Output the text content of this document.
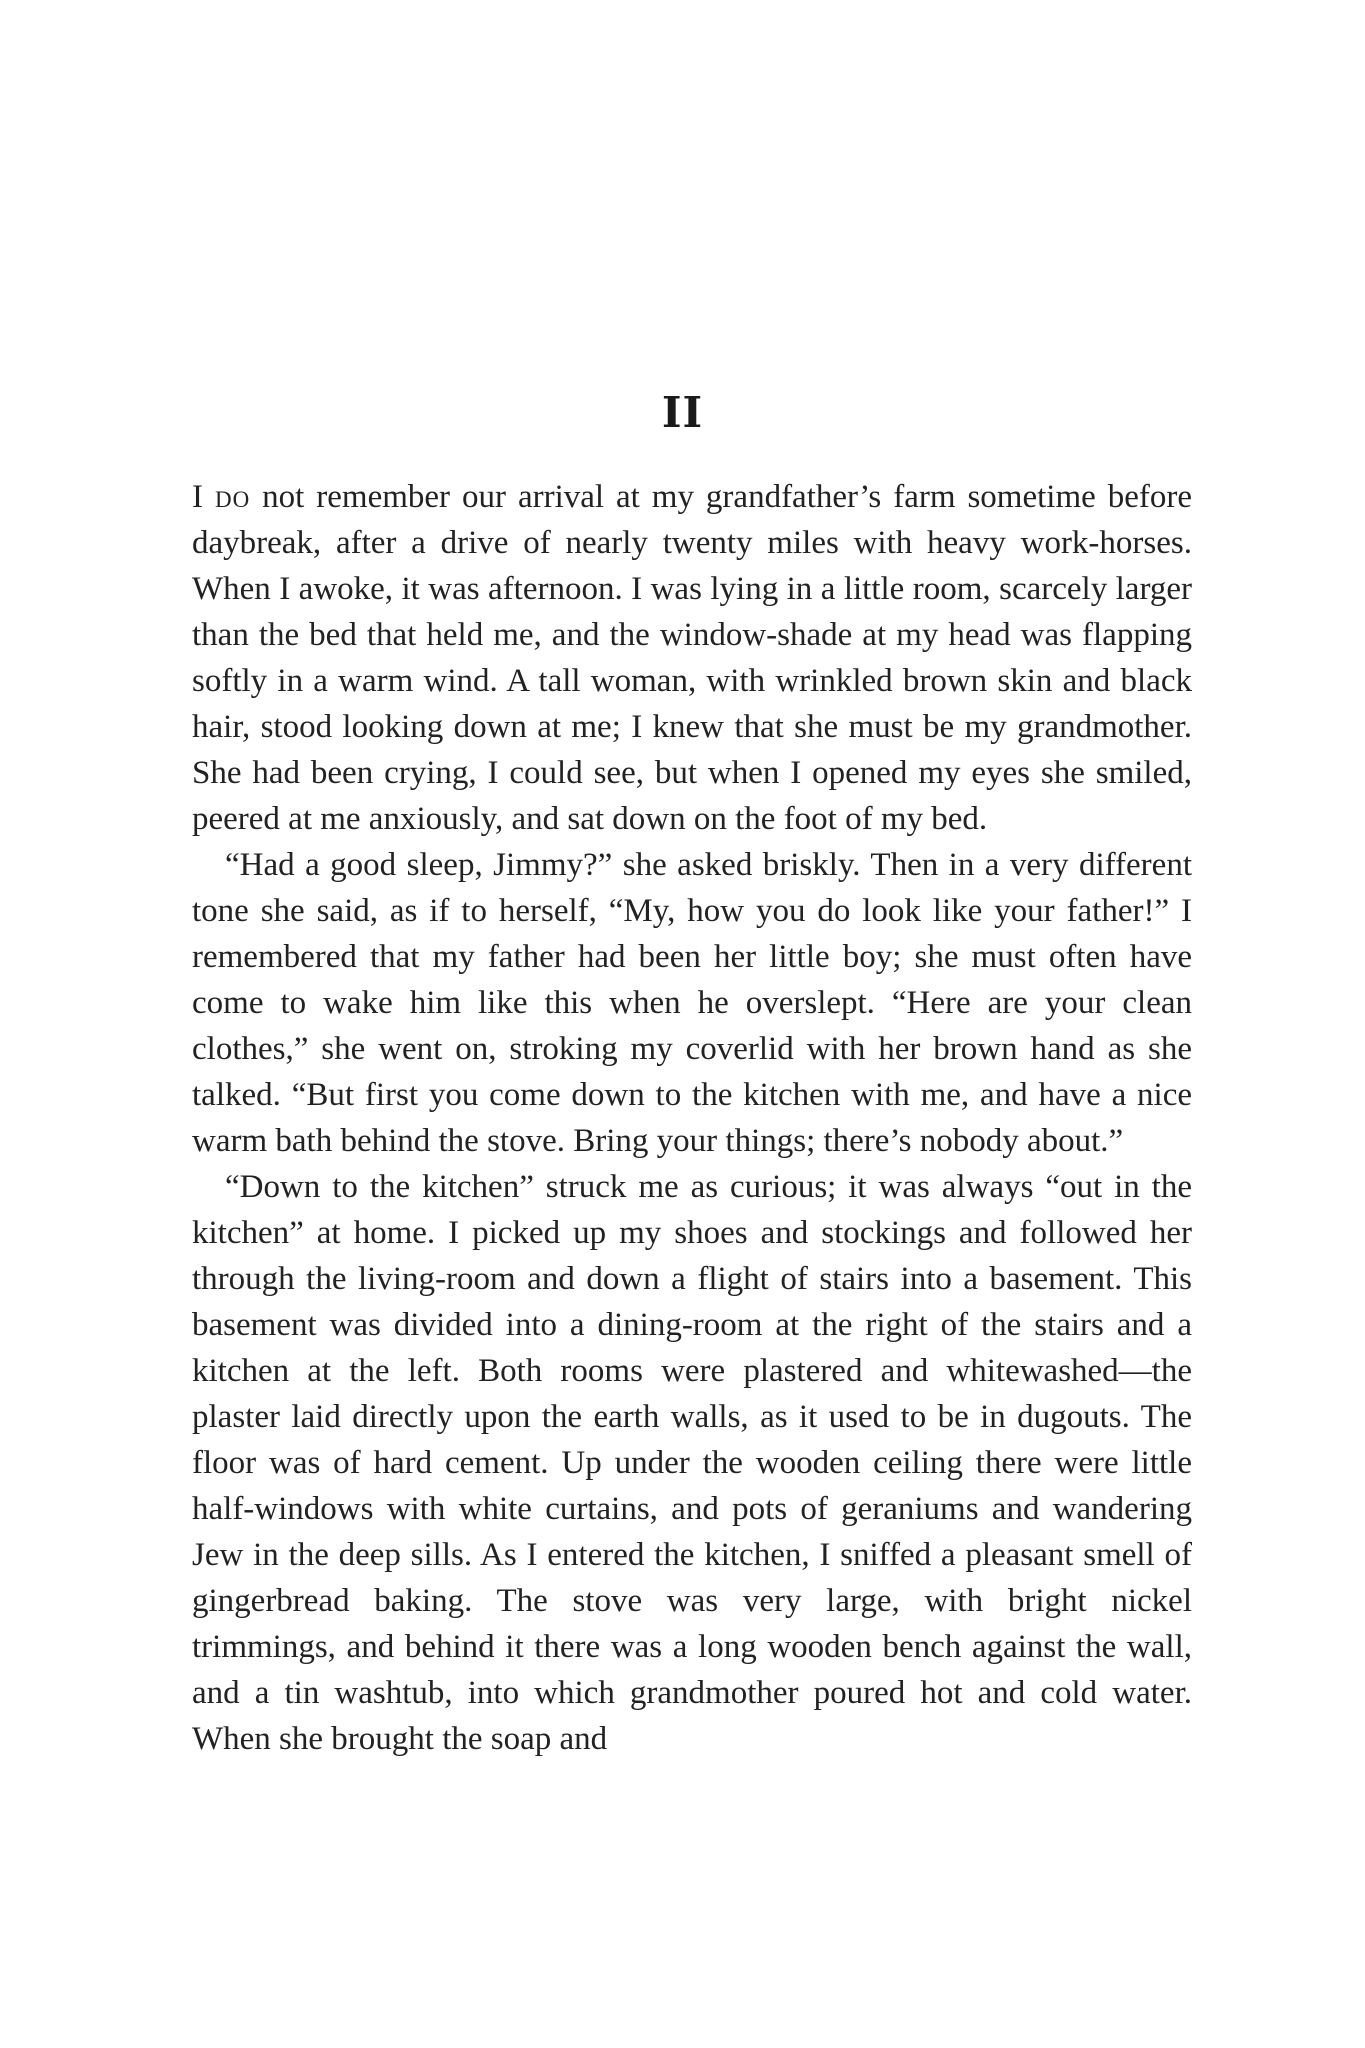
II

I do not remember our arrival at my grandfather’s farm sometime before daybreak, after a drive of nearly twenty miles with heavy work-horses. When I awoke, it was afternoon. I was lying in a little room, scarcely larger than the bed that held me, and the window-shade at my head was flapping softly in a warm wind. A tall woman, with wrinkled brown skin and black hair, stood looking down at me; I knew that she must be my grandmother. She had been crying, I could see, but when I opened my eyes she smiled, peered at me anxiously, and sat down on the foot of my bed.

“Had a good sleep, Jimmy?” she asked briskly. Then in a very different tone she said, as if to herself, “My, how you do look like your father!” I remembered that my father had been her little boy; she must often have come to wake him like this when he overslept. “Here are your clean clothes,” she went on, stroking my coverlid with her brown hand as she talked. “But first you come down to the kitchen with me, and have a nice warm bath behind the stove. Bring your things; there’s nobody about.”

“Down to the kitchen” struck me as curious; it was always “out in the kitchen” at home. I picked up my shoes and stockings and followed her through the living-room and down a flight of stairs into a basement. This basement was divided into a dining-room at the right of the stairs and a kitchen at the left. Both rooms were plastered and whitewashed—the plaster laid directly upon the earth walls, as it used to be in dugouts. The floor was of hard cement. Up under the wooden ceiling there were little half-windows with white curtains, and pots of geraniums and wandering Jew in the deep sills. As I entered the kitchen, I sniffed a pleasant smell of gingerbread baking. The stove was very large, with bright nickel trimmings, and behind it there was a long wooden bench against the wall, and a tin washtub, into which grandmother poured hot and cold water. When she brought the soap and
